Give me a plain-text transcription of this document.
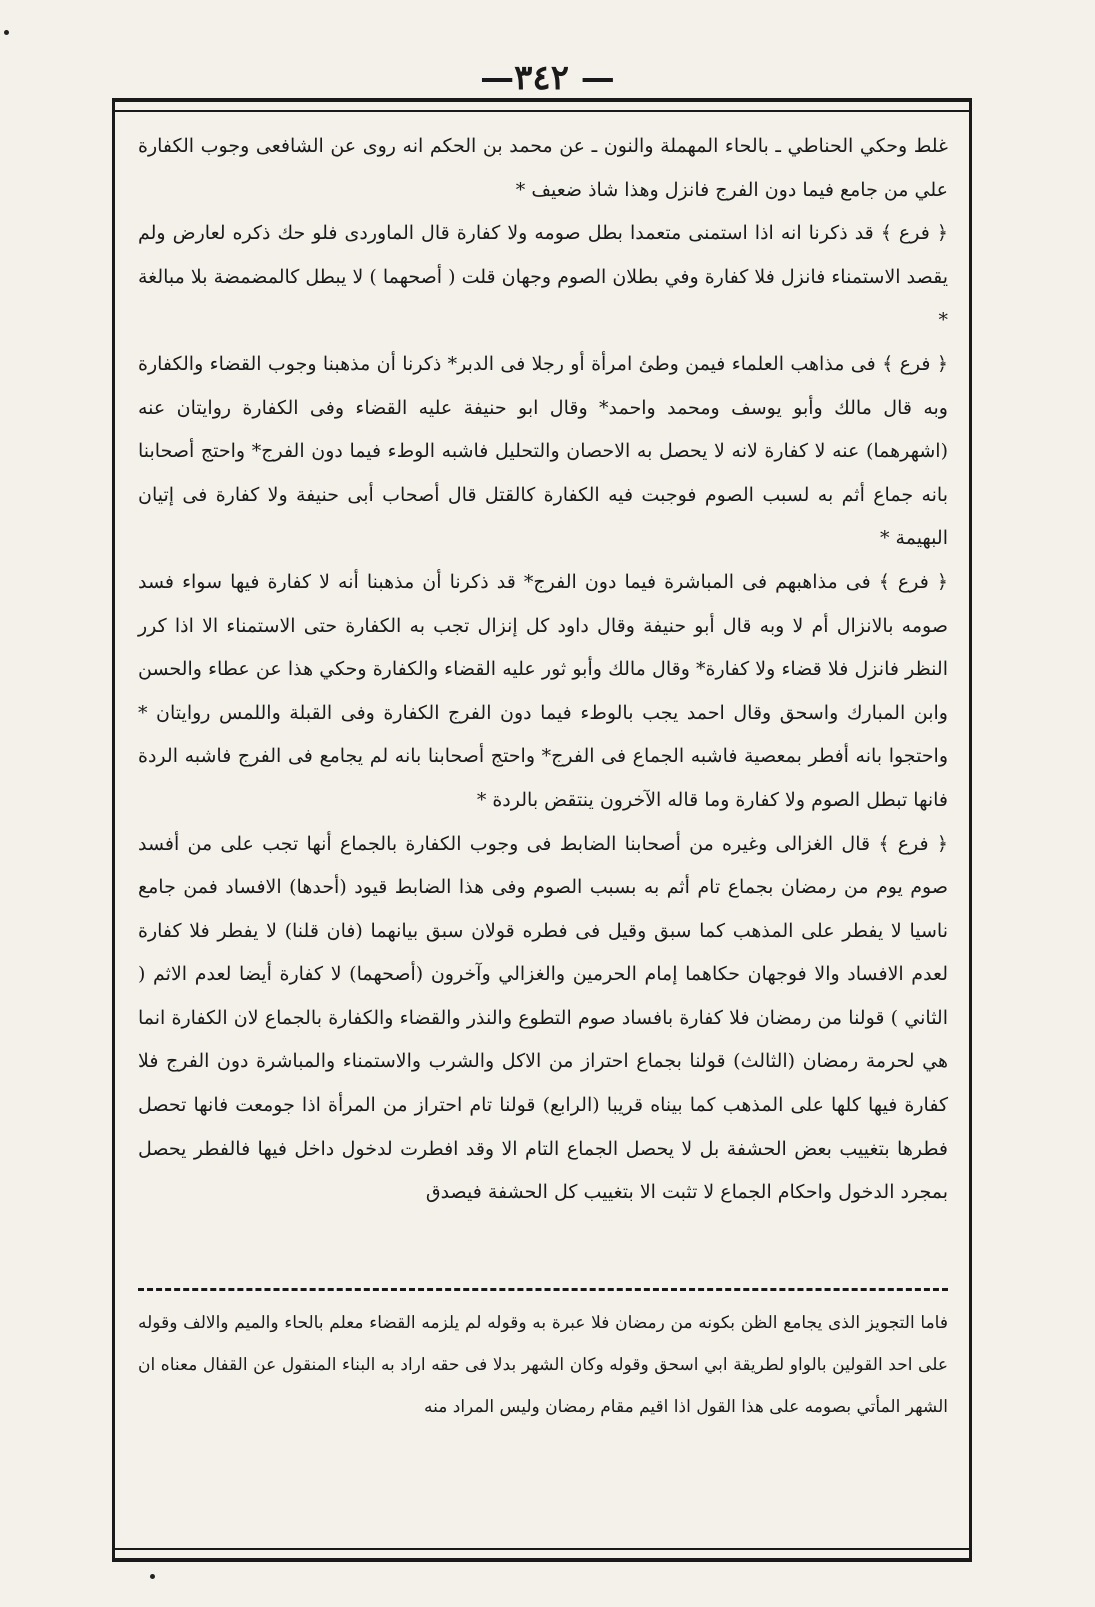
—٣٤٢ —

غلط وحكي الحناطي ـ بالحاء المهملة والنون ـ عن محمد بن الحكم انه روى عن الشافعى وجوب الكفارة علي من جامع فيما دون الفرج فانزل وهذا شاذ ضعيف *

﴿ فرع ﴾ قد ذكرنا انه اذا استمنى متعمدا بطل صومه ولا كفارة قال الماوردى فلو حك ذكره لعارض ولم يقصد الاستمناء فانزل فلا كفارة وفي بطلان الصوم وجهان قلت ( أصحهما ) لا يبطل كالمضمضة بلا مبالغة *

﴿ فرع ﴾ فى مذاهب العلماء فيمن وطئ امرأة أو رجلا فى الدبر* ذكرنا أن مذهبنا وجوب القضاء والكفارة وبه قال مالك وأبو يوسف ومحمد واحمد* وقال ابو حنيفة عليه القضاء وفى الكفارة روايتان عنه (اشهرهما) عنه لا كفارة لانه لا يحصل به الاحصان والتحليل فاشبه الوطء فيما دون الفرج* واحتج أصحابنا بانه جماع أثم به لسبب الصوم فوجبت فيه الكفارة كالقتل قال أصحاب أبى حنيفة ولا كفارة فى إتيان البهيمة *

﴿ فرع ﴾ فى مذاهبهم فى المباشرة فيما دون الفرج* قد ذكرنا أن مذهبنا أنه لا كفارة فيها سواء فسد صومه بالانزال أم لا وبه قال أبو حنيفة وقال داود كل إنزال تجب به الكفارة حتى الاستمناء الا اذا كرر النظر فانزل فلا قضاء ولا كفارة* وقال مالك وأبو ثور عليه القضاء والكفارة وحكي هذا عن عطاء والحسن وابن المبارك واسحق وقال احمد يجب بالوطء فيما دون الفرج الكفارة وفى القبلة واللمس روايتان * واحتجوا بانه أفطر بمعصية فاشبه الجماع فى الفرج* واحتج أصحابنا بانه لم يجامع فى الفرج فاشبه الردة فانها تبطل الصوم ولا كفارة وما قاله الآخرون ينتقض بالردة *

﴿ فرع ﴾ قال الغزالى وغيره من أصحابنا الضابط فى وجوب الكفارة بالجماع أنها تجب على من أفسد صوم يوم من رمضان بجماع تام أثم به بسبب الصوم وفى هذا الضابط قيود (أحدها) الافساد فمن جامع ناسيا لا يفطر على المذهب كما سبق وقيل فى فطره قولان سبق بيانهما (فان قلنا) لا يفطر فلا كفارة لعدم الافساد والا فوجهان حكاهما إمام الحرمين والغزالي وآخرون (أصحهما) لا كفارة أيضا لعدم الاثم ( الثاني ) قولنا من رمضان فلا كفارة بافساد صوم التطوع والنذر والقضاء والكفارة بالجماع لان الكفارة انما هي لحرمة رمضان (الثالث) قولنا بجماع احتراز من الاكل والشرب والاستمناء والمباشرة دون الفرج فلا كفارة فيها كلها على المذهب كما بيناه قريبا (الرابع) قولنا تام احتراز من المرأة اذا جومعت فانها تحصل فطرها بتغييب بعض الحشفة بل لا يحصل الجماع التام الا وقد افطرت لدخول داخل فيها فالفطر يحصل بمجرد الدخول واحكام الجماع لا تثبت الا بتغييب كل الحشفة فيصدق

فاما التجويز الذى يجامع الظن بكونه من رمضان فلا عبرة به وقوله لم يلزمه القضاء معلم بالحاء والميم والالف وقوله على احد القولين بالواو لطريقة ابي اسحق وقوله وكان الشهر بدلا فى حقه اراد به البناء المنقول عن القفال معناه ان الشهر المأتي بصومه على هذا القول اذا اقيم مقام رمضان وليس المراد منه
